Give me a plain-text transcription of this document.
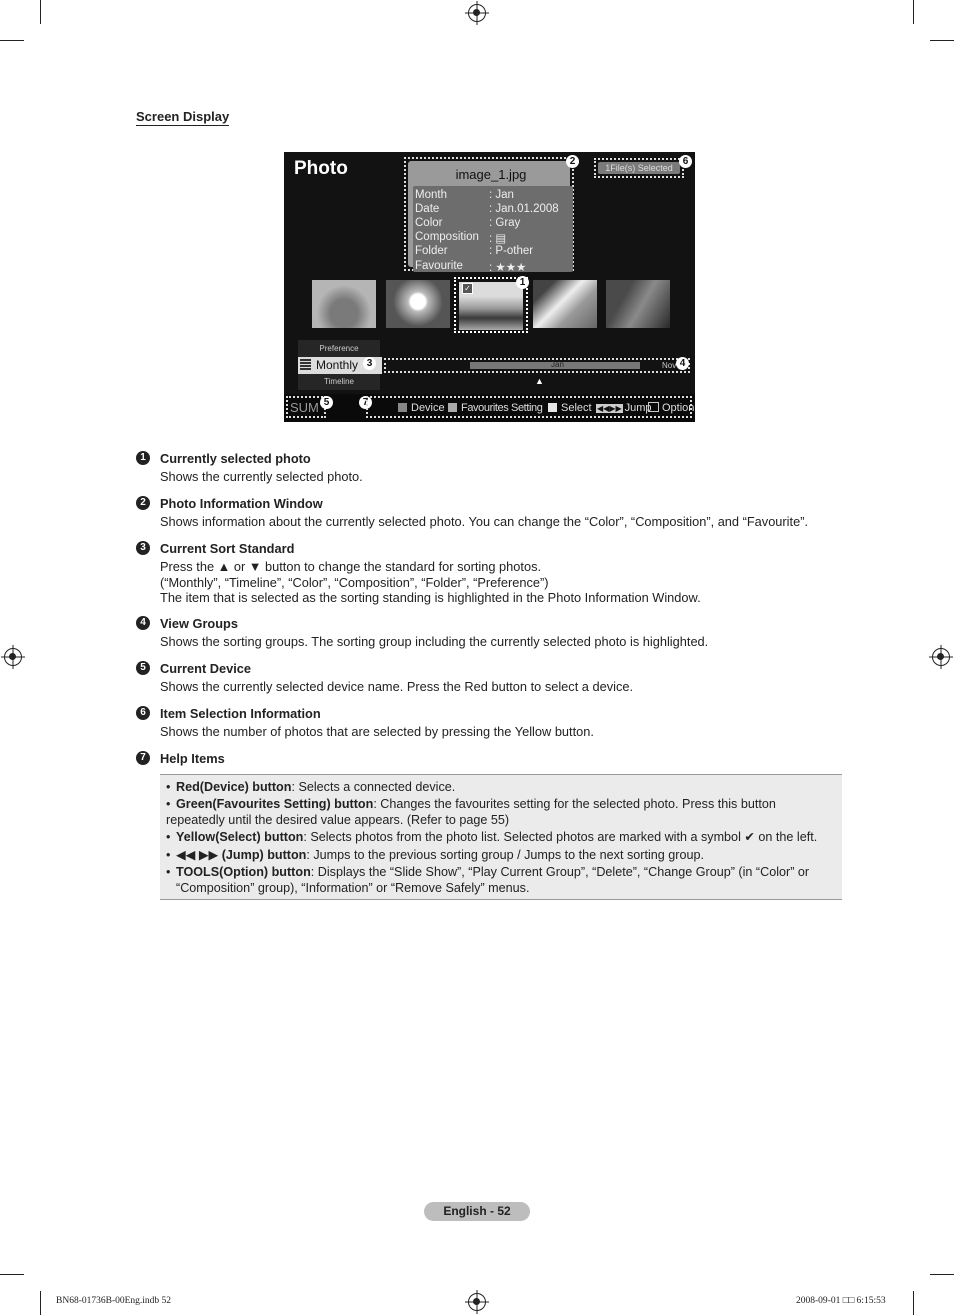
Screen Display
Photo	image_1.jpg
Month	: Jan
Date	: Jan.01.2008
Color	: Gray
Composition : ▤
Folder	: P-other
Favourite	: ★★★
2
1File(s) Selected
6
✓
1
Preference
Monthly
Timeline
3	Jan	Nov 4
▲
SUM 5	7	Device	Favourites Setting	Select ◀◀▶▶ Jump Option
1	Currently selected photo
Shows the currently selected photo.
2	Photo Information Window
Shows information about the currently selected photo. You can change the “Color”, “Composition”, and “Favourite”.
3	Current Sort Standard
Press the ▲ or ▼ button to change the standard for sorting photos.
(“Monthly”, “Timeline”, “Color”, “Composition”, “Folder”, “Preference”)
The item that is selected as the sorting standing is highlighted in the Photo Information Window.
4	View Groups
Shows the sorting groups. The sorting group including the currently selected photo is highlighted.
5	Current Device
Shows the currently selected device name. Press the Red button to select a device.
6	Item Selection Information
Shows the number of photos that are selected by pressing the Yellow button.
7	Help Items
• Red(Device) button: Selects a connected device.
• Green(Favourites Setting) button: Changes the favourites setting for the selected photo. Press this button
repeatedly until the desired value appears. (Refer to page 55)
• Yellow(Select) button: Selects photos from the photo list. Selected photos are marked with a symbol ✔ on the left.
• ◀◀ ▶▶ (Jump) button: Jumps to the previous sorting group / Jumps to the next sorting group.
• TOOLS(Option) button: Displays the “Slide Show”, “Play Current Group”, “Delete”, “Change Group” (in “Color” or
“Composition” group), “Information” or “Remove Safely” menus.
English - 52
BN68-01736B-00Eng.indb 52	2008-09-01 □□ 6:15:53
